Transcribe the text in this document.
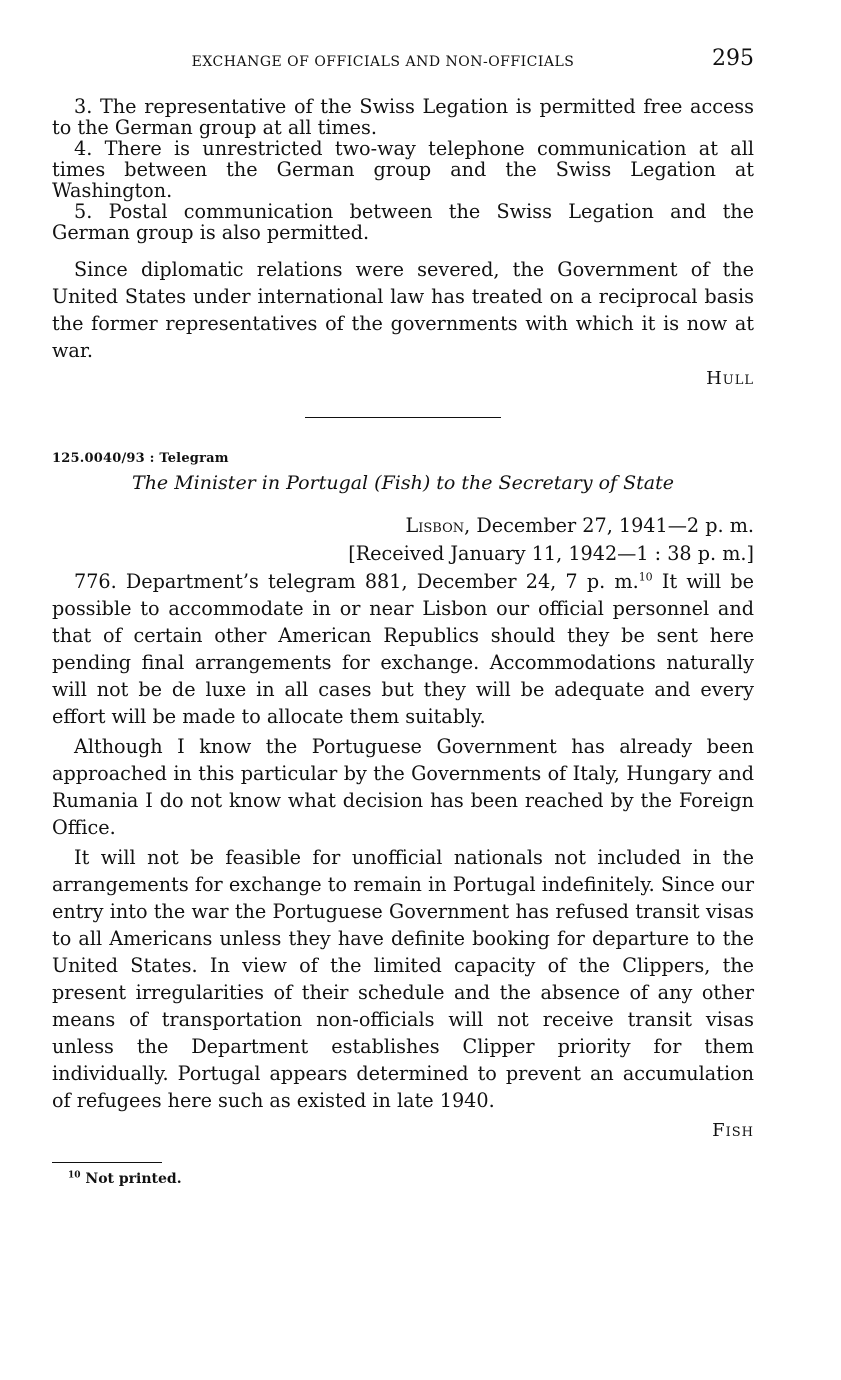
EXCHANGE OF OFFICIALS AND NON-OFFICIALS	295

3. The representative of the Swiss Legation is permitted free access to the German group at all times.

4. There is unrestricted two-way telephone communication at all times between the German group and the Swiss Legation at Washington.

5. Postal communication between the Swiss Legation and the German group is also permitted.

Since diplomatic relations were severed, the Government of the United States under international law has treated on a reciprocal basis the former representatives of the governments with which it is now at war.

Hull

125.0040/93 : Telegram
The Minister in Portugal (Fish) to the Secretary of State
Lisbon, December 27, 1941—2 p. m.
[Received January 11, 1942—1 : 38 p. m.]

776. Department’s telegram 881, December 24, 7 p. m.$^{10}$ It will be possible to accommodate in or near Lisbon our official personnel and that of certain other American Republics should they be sent here pending final arrangements for exchange. Accommodations naturally will not be de luxe in all cases but they will be adequate and every effort will be made to allocate them suitably.

Although I know the Portuguese Government has already been approached in this particular by the Governments of Italy, Hungary and Rumania I do not know what decision has been reached by the Foreign Office.

It will not be feasible for unofficial nationals not included in the arrangements for exchange to remain in Portugal indefinitely. Since our entry into the war the Portuguese Government has refused transit visas to all Americans unless they have definite booking for departure to the United States. In view of the limited capacity of the Clippers, the present irregularities of their schedule and the absence of any other means of transportation non-officials will not receive transit visas unless the Department establishes Clipper priority for them individually. Portugal appears determined to prevent an accumulation of refugees here such as existed in late 1940.

Fish

$^{10}$ Not printed.
